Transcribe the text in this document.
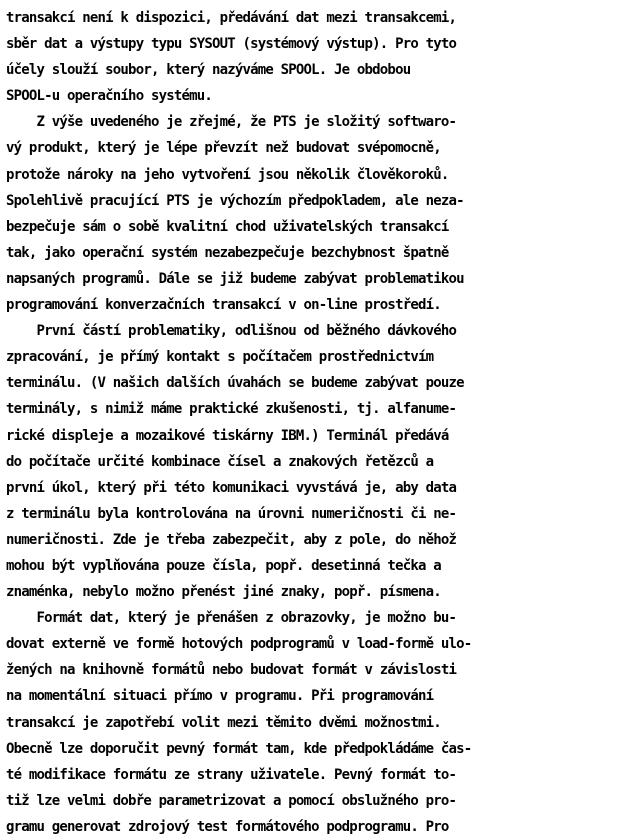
transakcí není k dispozici, předávání dat mezi transakcemi,
sběr dat a výstupy typu SYSOUT (systémový výstup). Pro tyto
účely slouží soubor, který nazýváme SPOOL. Je obdobou
SPOOL-u operačního systému.
Z výše uvedeného je zřejmé, že PTS je složitý softwaro-
vý produkt, který je lépe převzít než budovat svépomocně,
protože nároky na jeho vytvoření jsou několik člověkoroků.
Spolehlivě pracující PTS je výchozím předpokladem, ale neza-
bezpečuje sám o sobě kvalitní chod uživatelských transakcí
tak, jako operační systém nezabezpečuje bezchybnost špatně
napsaných programů. Dále se již budeme zabývat problematikou
programování konverzačních transakcí v on-line prostředí.
První částí problematiky, odlišnou od běžného dávkového
zpracování, je přímý kontakt s počítačem prostřednictvím
terminálu. (V našich dalších úvahách se budeme zabývat pouze
terminály, s nimiž máme praktické zkušenosti, tj. alfanume-
rické displeje a mozaikové tiskárny IBM.) Terminál předává
do počítače určité kombinace čísel a znakových řetězců a
první úkol, který při této komunikaci vyvstává je, aby data
z terminálu byla kontrolována na úrovni numeričnosti či ne-
numeričnosti. Zde je třeba zabezpečit, aby z pole, do něhož
mohou být vyplňována pouze čísla, popř. desetinná tečka a
znaménka, nebylo možno přenést jiné znaky, popř. písmena.
Formát dat, který je přenášen z obrazovky, je možno bu-
dovat externě ve formě hotových podprogramů v load-formě ulo-
žených na knihovně formátů nebo budovat formát v závislosti
na momentální situaci přímo v programu. Při programování
transakcí je zapotřebí volit mezi těmito dvěmi možnostmi.
Obecně lze doporučit pevný formát tam, kde předpokládáme čas-
té modifikace formátu ze strany uživatele. Pevný formát to-
tiž lze velmi dobře parametrizovat a pomocí obslužného pro-
gramu generovat zdrojový test formátového podprogramu. Pro
